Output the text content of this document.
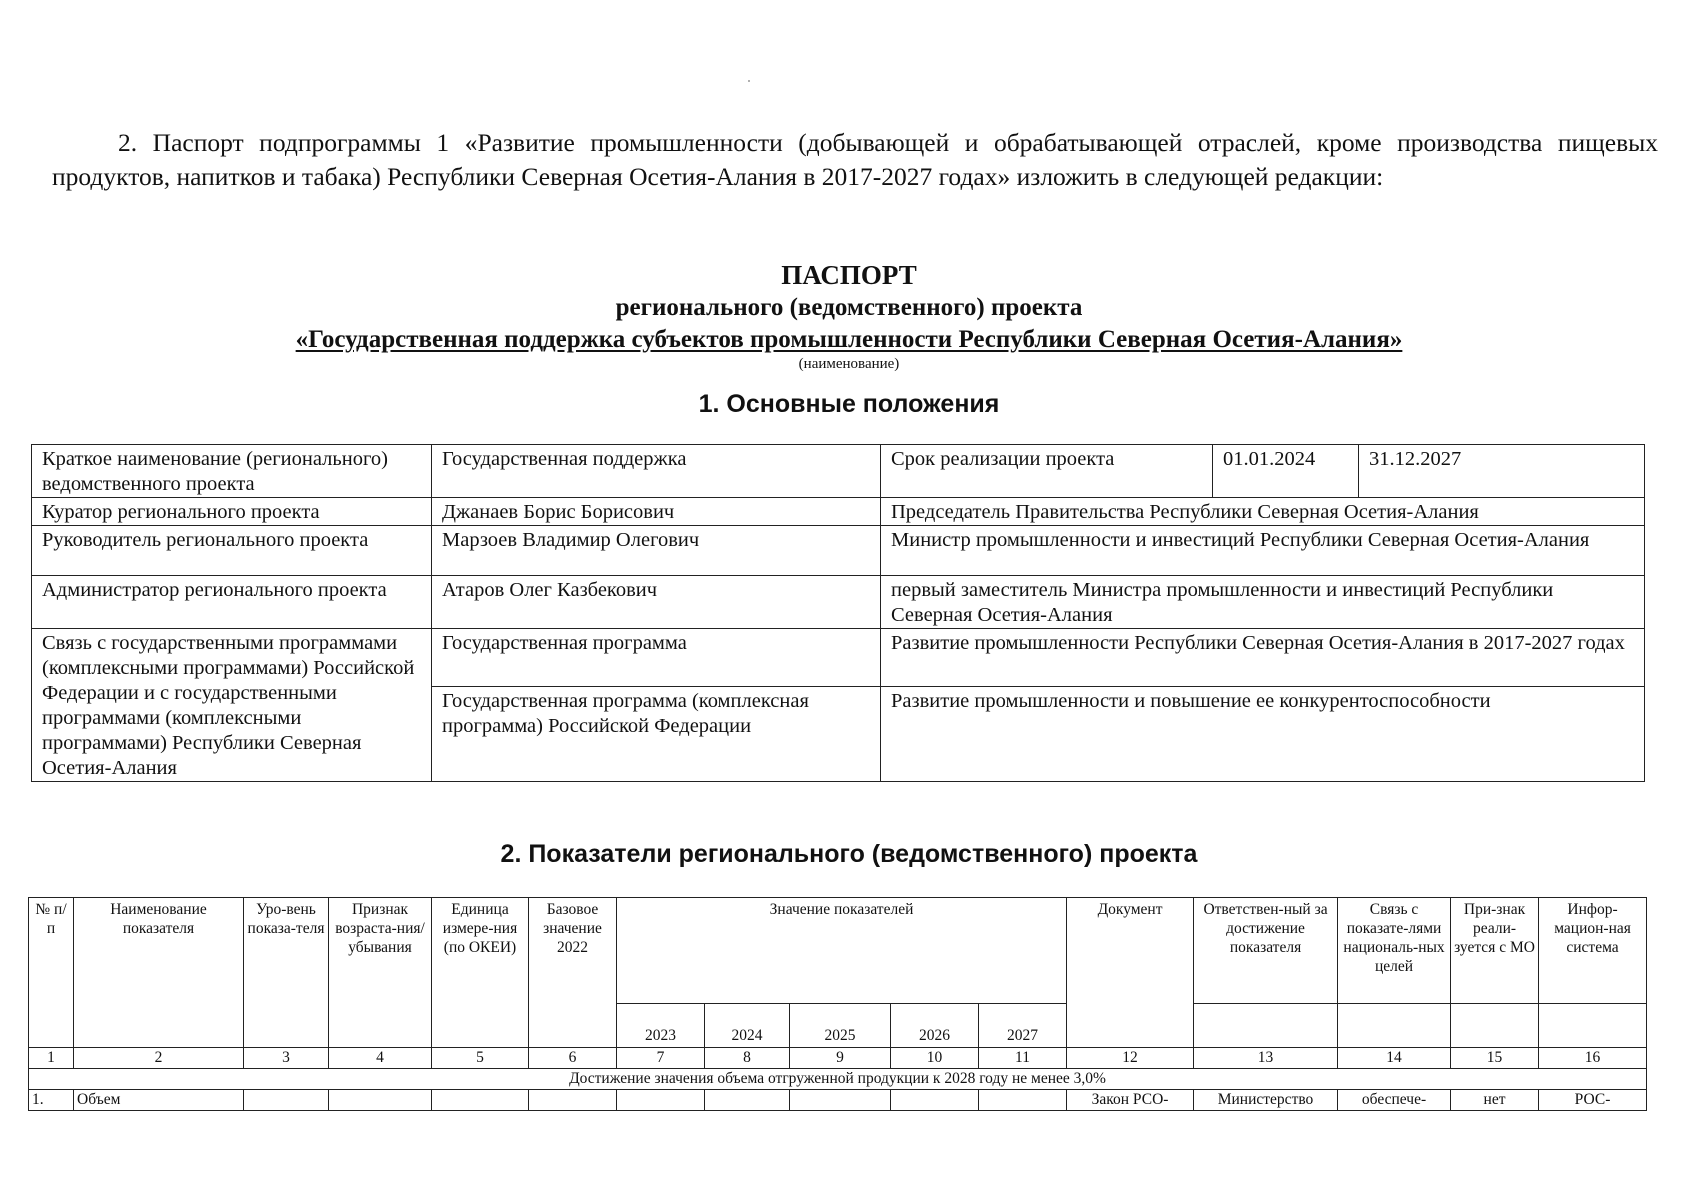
2. Паспорт подпрограммы 1 «Развитие промышленности (добывающей и обрабатывающей отраслей, кроме производства пищевых продуктов, напитков и табака) Республики Северная Осетия-Алания в 2017-2027 годах» изложить в следующей редакции:
ПАСПОРТ
регионального (ведомственного) проекта
«Государственная поддержка субъектов промышленности Республики Северная Осетия-Алания»
(наименование)
1. Основные положения
Краткое наименование (регионального) ведомственного проекта	Государственная поддержка	Срок реализации проекта	01.01.2024	31.12.2027
Куратор регионального проекта	Джанаев Борис Борисович	Председатель Правительства Республики Северная Осетия-Алания		
Руководитель регионального проекта	Марзоев Владимир Олегович	Министр промышленности и инвестиций Республики Северная Осетия-Алания		
Администратор регионального проекта	Атаров Олег Казбекович	первый заместитель Министра промышленности и инвестиций Республики Северная Осетия-Алания		
Связь с государственными программами (комплексными программами) Российской Федерации и с государственными программами (комплексными программами) Республики Северная Осетия-Алания	Государственная программа	Развитие промышленности Республики Северная Осетия-Алания в 2017-2027 годах		
	Государственная программа (комплексная программа) Российской Федерации	Развитие промышленности и повышение ее конкурентоспособности		
2. Показатели регионального (ведомственного) проекта
№ п/ п	Наименование показателя	Уро-вень показа-теля	Признак возраста-ния/ убывания	Единица измере-ния (по ОКЕИ)	Базовое значение 2022	Значение показателей					Документ	Ответствен-ный за достижение показателя	Связь с показате-лями националь-ных целей	При-знак реали-зуется с МО	Инфор-мацион-ная система
						2023	2024	2025	2026	2027					
1	2	3	4	5	6	7	8	9	10	11	12	13	14	15	16
Достижение значения объема отгруженной продукции к 2028 году не менее 3,0%															
1.	Объем										Закон РСО-	Министерство	обеспече-	нет	РОС-
